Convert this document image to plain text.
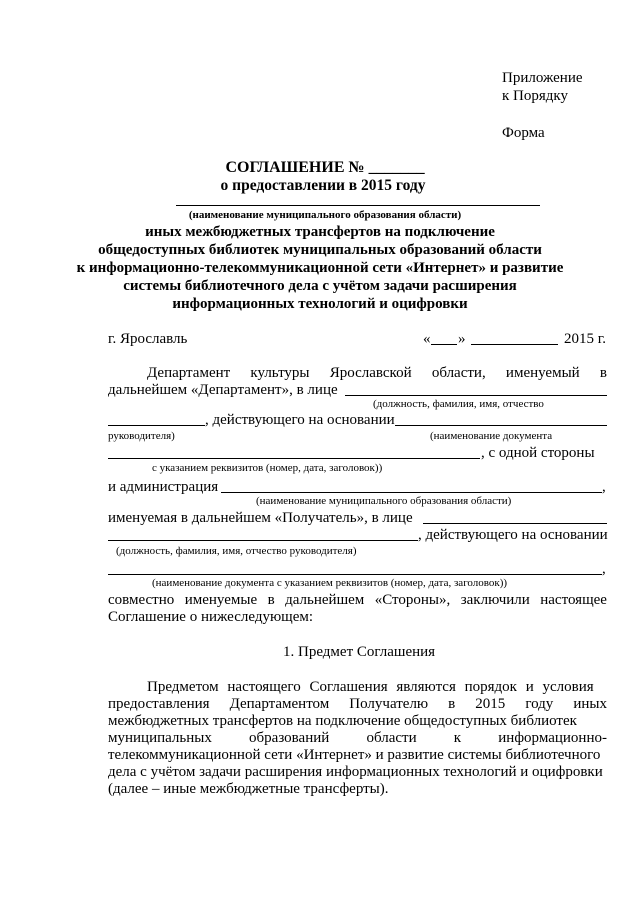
Приложение
к Порядку
Форма
СОГЛАШЕНИЕ № _______
о предоставлении в 2015 году
(наименование муниципального образования области)
иных межбюджетных трансфертов на подключение
общедоступных библиотек муниципальных образований области
к информационно-телекоммуникационной сети «Интернет» и развитие
системы библиотечного дела с учётом задачи расширения
информационных технологий и оцифровки
г. Ярославль	« »	2015 г.
Департамент культуры Ярославской области, именуемый в
дальнейшем «Департамент», в лице
(должность, фамилия, имя, отчество
, действующего на основании
руководителя)	(наименование документа
, с одной стороны
с указанием реквизитов (номер, дата, заголовок))
и администрация	,
(наименование муниципального образования области)
именуемая в дальнейшем «Получатель», в лице
, действующего на основании
(должность, фамилия, имя, отчество руководителя)
,
(наименование документа с указанием реквизитов (номер, дата, заголовок))
совместно именуемые в дальнейшем «Стороны», заключили настоящее
Соглашение о нижеследующем:
1. Предмет Соглашения
Предметом настоящего Соглашения являются порядок и условия
предоставления Департаментом Получателю в 2015 году иных
межбюджетных трансфертов на подключение общедоступных библиотек
муниципальных образований области к информационно-
телекоммуникационной сети «Интернет» и развитие системы библиотечного
дела с учётом задачи расширения информационных технологий и оцифровки
(далее – иные межбюджетные трансферты).
